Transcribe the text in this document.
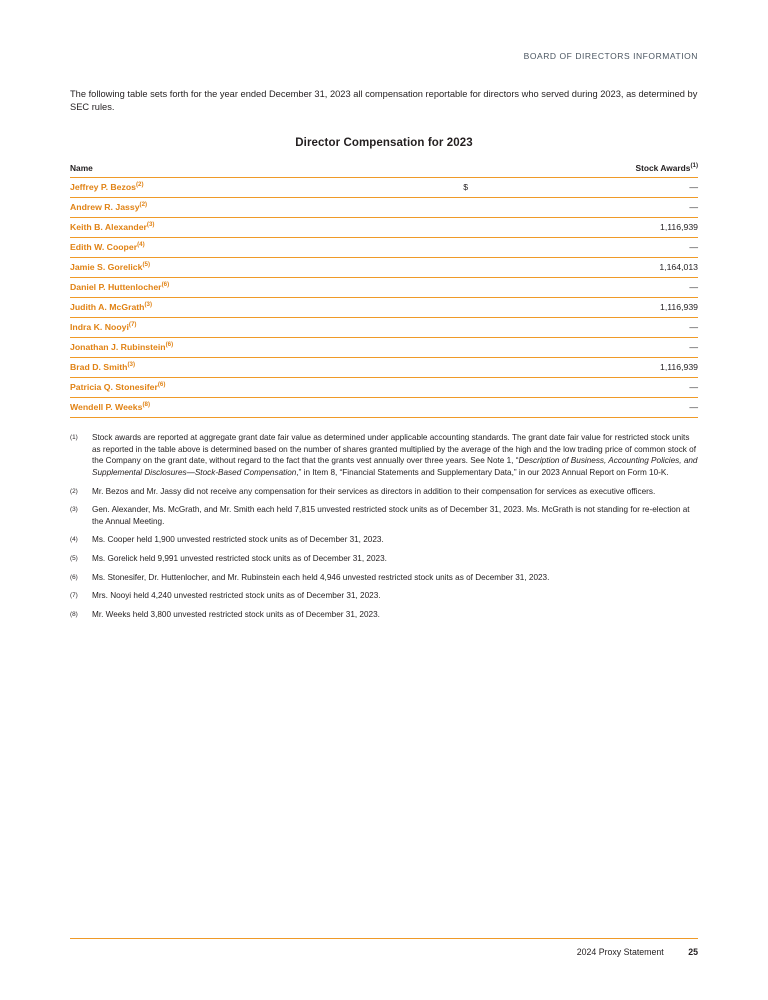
BOARD OF DIRECTORS INFORMATION

The following table sets forth for the year ended December 31, 2023 all compensation reportable for directors who served during 2023, as determined by SEC rules.

Director Compensation for 2023
Name		Stock Awards$^{(1)}$
Jeffrey P. Bezos$^{(2)}$	$	—
Andrew R. Jassy$^{(2)}$		—
Keith B. Alexander$^{(3)}$		1,116,939
Edith W. Cooper$^{(4)}$		—
Jamie S. Gorelick$^{(5)}$		1,164,013
Daniel P. Huttenlocher$^{(6)}$		—
Judith A. McGrath$^{(3)}$		1,116,939
Indra K. Nooyi$^{(7)}$		—
Jonathan J. Rubinstein$^{(6)}$		—
Brad D. Smith$^{(3)}$		1,116,939
Patricia Q. Stonesifer$^{(6)}$		—
Wendell P. Weeks$^{(8)}$		—
(1)	Stock awards are reported at aggregate grant date fair value as determined under applicable accounting standards. The grant date fair value for restricted stock units as reported in the table above is determined based on the number of shares granted multiplied by the average of the high and the low trading price of common stock of the Company on the grant date, without regard to the fact that the grants vest annually over three years. See Note 1, “Description of Business, Accounting Policies, and Supplemental Disclosures—Stock-Based Compensation,” in Item 8, “Financial Statements and Supplementary Data,” in our 2023 Annual Report on Form 10-K.
(2)	Mr. Bezos and Mr. Jassy did not receive any compensation for their services as directors in addition to their compensation for services as executive officers.
(3)	Gen. Alexander, Ms. McGrath, and Mr. Smith each held 7,815 unvested restricted stock units as of December 31, 2023. Ms. McGrath is not standing for re-election at the Annual Meeting.
(4)	Ms. Cooper held 1,900 unvested restricted stock units as of December 31, 2023.
(5)	Ms. Gorelick held 9,991 unvested restricted stock units as of December 31, 2023.
(6)	Ms. Stonesifer, Dr. Huttenlocher, and Mr. Rubinstein each held 4,946 unvested restricted stock units as of December 31, 2023.
(7)	Mrs. Nooyi held 4,240 unvested restricted stock units as of December 31, 2023.
(8)	Mr. Weeks held 3,800 unvested restricted stock units as of December 31, 2023.
2024 Proxy Statement	25
